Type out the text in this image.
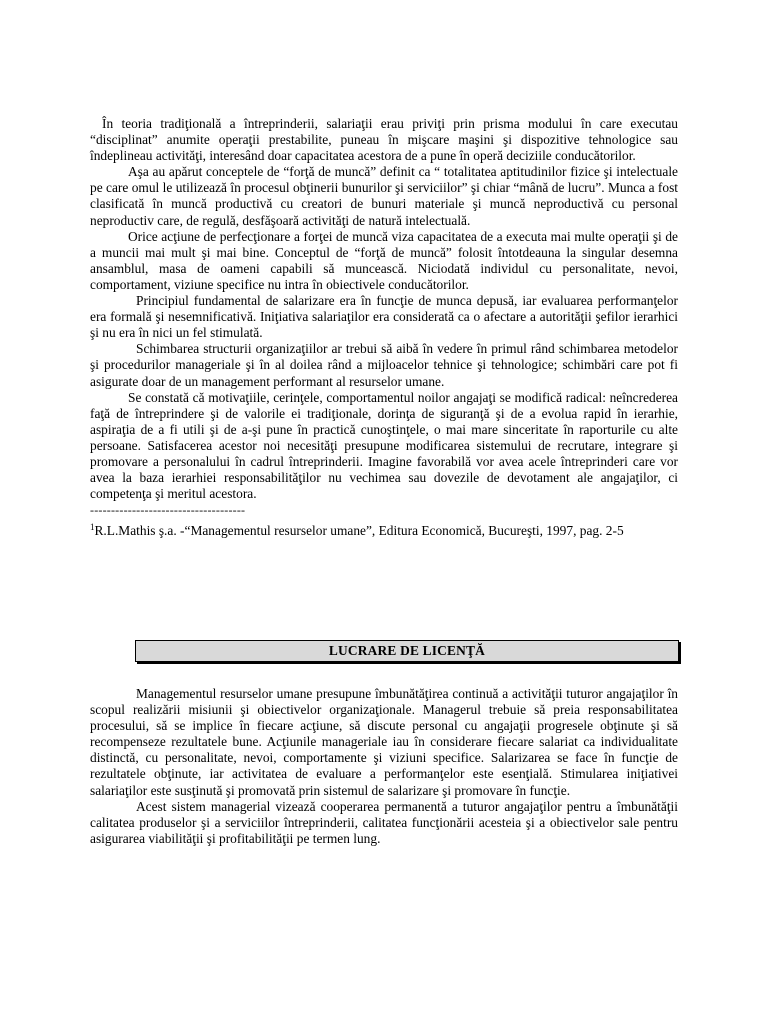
În teoria tradiţională a întreprinderii, salariaţii erau priviţi prin prisma modului în care executau “disciplinat” anumite operaţii prestabilite, puneau în mişcare maşini şi dispozitive tehnologice sau îndeplineau activităţi, interesând doar capacitatea acestora de a pune în operă deciziile conducătorilor.

Aşa au apărut conceptele de “forţă de muncă” definit ca “ totalitatea aptitudinilor fizice şi intelectuale pe care omul le utilizează în procesul obţinerii bunurilor şi serviciilor” şi chiar “mână de lucru”. Munca a fost clasificată în muncă productivă cu creatori de bunuri materiale şi muncă neproductivă cu personal neproductiv care, de regulă, desfăşoară activităţi de natură intelectuală.

Orice acţiune de perfecţionare a forţei de muncă viza capacitatea de a executa mai multe operaţii şi de a muncii mai mult şi mai bine. Conceptul de “forţă de muncă” folosit întotdeauna la singular desemna ansamblul, masa de oameni capabili să muncească. Niciodată individul cu personalitate, nevoi, comportament, viziune specifice nu intra în obiectivele conducătorilor.

Principiul fundamental de salarizare era în funcţie de munca depusă, iar evaluarea performanţelor era formală şi nesemnificativă. Iniţiativa salariaţilor era considerată ca o afectare a autorităţii şefilor ierarhici şi nu era în nici un fel stimulată.

Schimbarea structurii organizaţiilor ar trebui să aibă în vedere în primul rând schimbarea metodelor şi procedurilor manageriale şi în al doilea rând a mijloacelor tehnice şi tehnologice; schimbări care pot fi asigurate doar de un management performant al resurselor umane.

Se constată că motivaţiile, cerinţele, comportamentul noilor angajaţi se modifică radical: neîncrederea faţă de întreprindere şi de valorile ei tradiţionale, dorinţa de siguranţă şi de a evolua rapid în ierarhie, aspiraţia de a fi utili şi de a-şi pune în practică cunoştinţele, o mai mare sinceritate în raporturile cu alte persoane. Satisfacerea acestor noi necesităţi presupune modificarea sistemului de recrutare, integrare şi promovare a personalului în cadrul întreprinderii. Imagine favorabilă vor avea acele întreprinderi care vor avea la baza ierarhiei responsabilităţilor nu vechimea sau dovezile de devotament ale angajaţilor, ci competenţa şi meritul acestora.

-------------------------------------

$^1$R.L.Mathis ş.a. -“Managementul resurselor umane”, Editura Economică, Bucureşti, 1997, pag. 2-5

LUCRARE DE LICENŢĂ

Managementul resurselor umane presupune îmbunătăţirea continuă a activităţii tuturor angajaţilor în scopul realizării misiunii şi obiectivelor organizaţionale. Managerul trebuie să preia responsabilitatea procesului, să se implice în fiecare acţiune, să discute personal cu angajaţii progresele obţinute şi să recompenseze rezultatele bune. Acţiunile manageriale iau în considerare fiecare salariat ca individualitate distinctă, cu personalitate, nevoi, comportamente şi viziuni specifice. Salarizarea se face în funcţie de rezultatele obţinute, iar activitatea de evaluare a performanţelor este esenţială. Stimularea iniţiativei salariaţilor este susţinută şi promovată prin sistemul de salarizare şi promovare în funcţie.

Acest sistem managerial vizează cooperarea permanentă a tuturor angajaţilor pentru a îmbunătăţii calitatea produselor şi a serviciilor întreprinderii, calitatea funcţionării acesteia şi a obiectivelor sale pentru asigurarea viabilităţii şi profitabilităţii pe termen lung.
